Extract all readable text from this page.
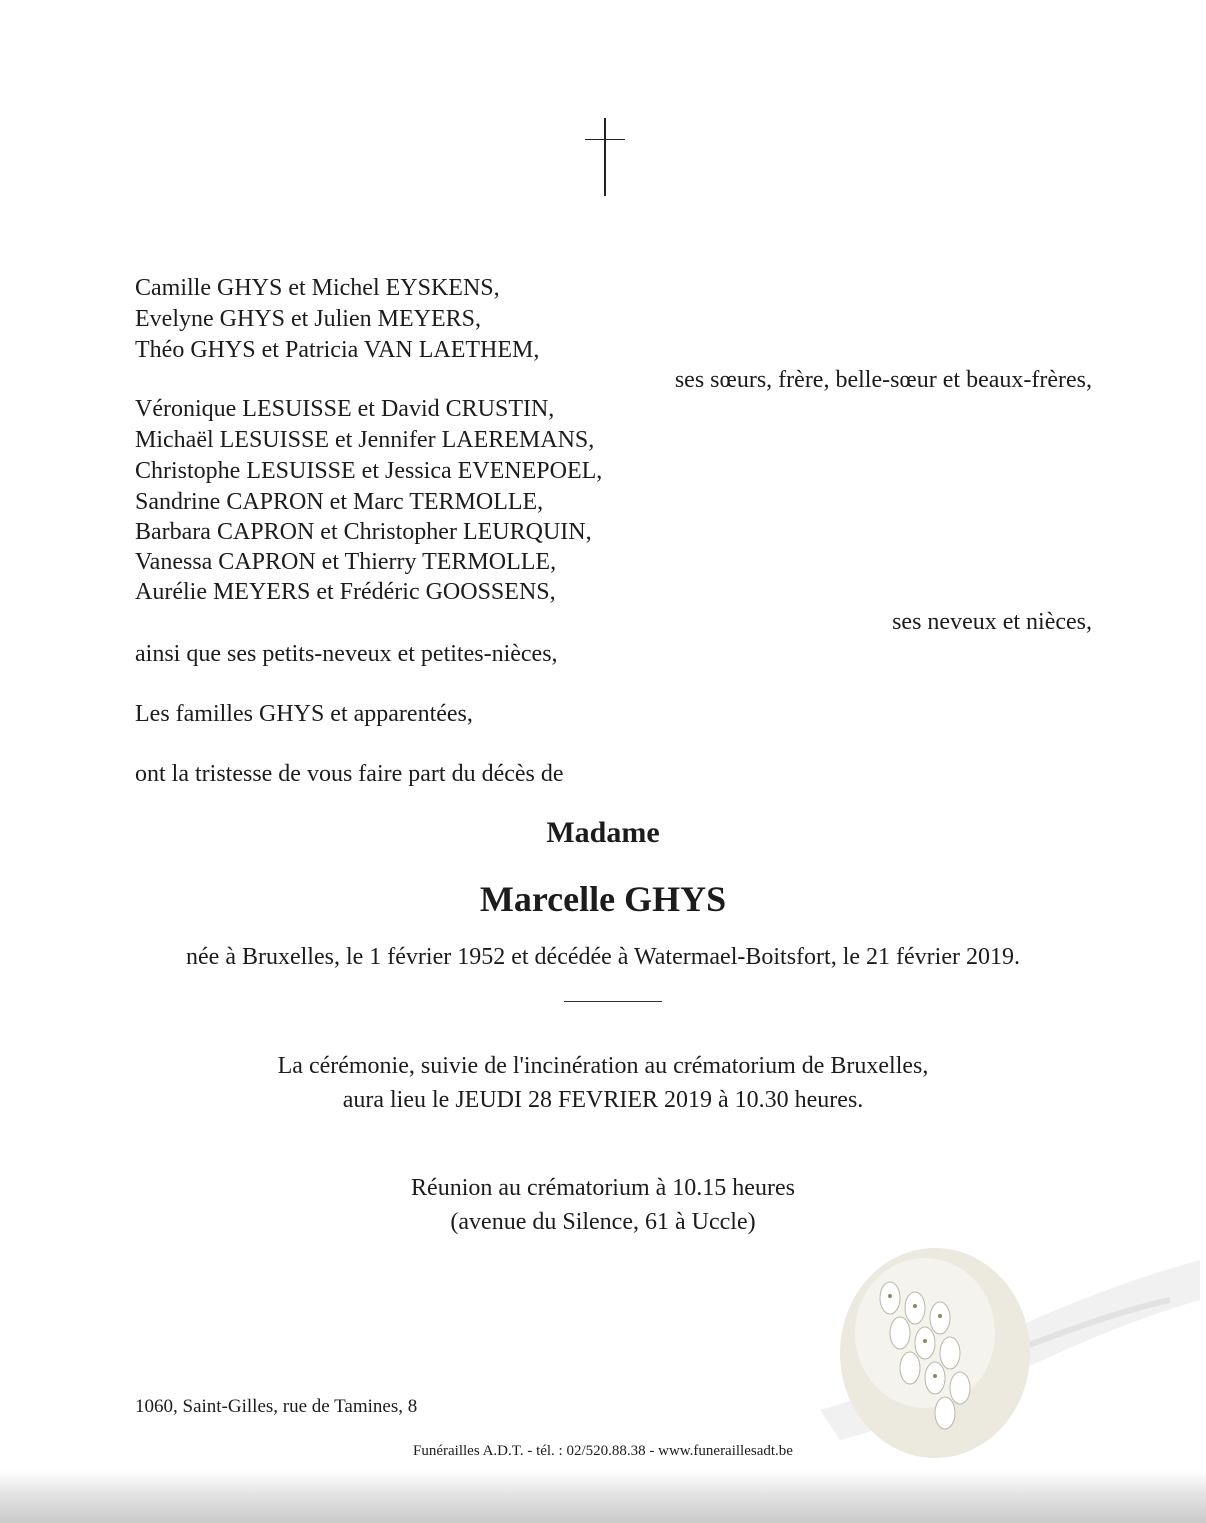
Camille GHYS et Michel EYSKENS,
Evelyne GHYS et Julien MEYERS,
Théo GHYS et Patricia VAN LAETHEM,
ses sœurs, frère, belle-sœur et beaux-frères,
Véronique LESUISSE et David CRUSTIN,
Michaël LESUISSE et Jennifer LAEREMANS,
Christophe LESUISSE et Jessica EVENEPOEL,
Sandrine CAPRON et Marc TERMOLLE,
Barbara CAPRON et Christopher LEURQUIN,
Vanessa CAPRON et Thierry TERMOLLE,
Aurélie MEYERS et Frédéric GOOSSENS,
ses neveux et nièces,
ainsi que ses petits-neveux et petites-nièces,
Les familles GHYS et apparentées,
ont la tristesse de vous faire part du décès de
Madame
Marcelle GHYS
née à Bruxelles, le 1 février 1952 et décédée à Watermael-Boitsfort, le 21 février 2019.
La cérémonie, suivie de l'incinération au crématorium de Bruxelles,
aura lieu le JEUDI 28 FEVRIER 2019 à 10.30 heures.
Réunion au crématorium à 10.15 heures
(avenue du Silence, 61 à Uccle)
1060, Saint-Gilles, rue de Tamines, 8
Funérailles A.D.T. - tél. : 02/520.88.38 - www.funeraillesadt.be
